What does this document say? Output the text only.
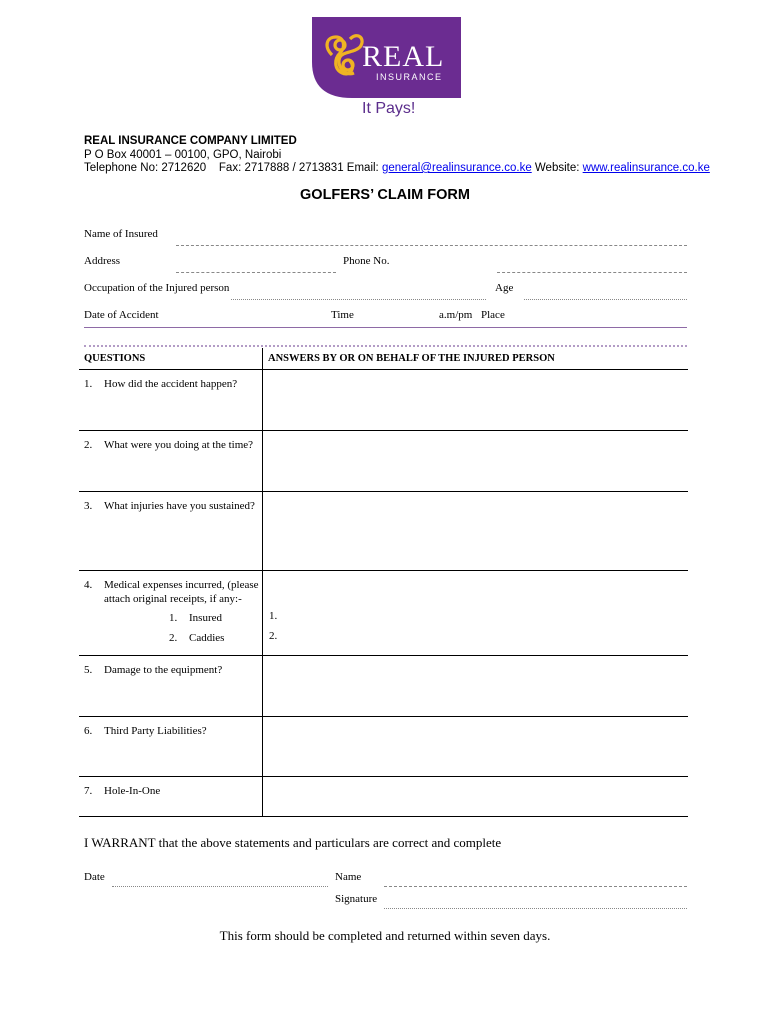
REAL
INSURANCE
It Pays!
REAL INSURANCE COMPANY LIMITED
P O Box 40001 – 00100, GPO, Nairobi
Telephone No: 2712620    Fax: 2717888 / 2713831 Email: general@realinsurance.co.ke Website: www.realinsurance.co.ke
GOLFERS’ CLAIM FORM
Name of Insured
Address	Phone No.
Occupation of the Injured person	Age
Date of Accident	Time	a.m/pm Place
QUESTIONS	ANSWERS BY OR ON BEHALF OF THE INJURED PERSON
1. How did the accident happen?
2. What were you doing at the time?
3. What injuries have you sustained?
4. Medical expenses incurred, (please attach original receipts, if any:-
1. Insured
2. Caddies
1.
2.
5. Damage to the equipment?
6. Third Party Liabilities?
7. Hole-In-One
I WARRANT that the above statements and particulars are correct and complete
Date	Name
Signature
This form should be completed and returned within seven days.
